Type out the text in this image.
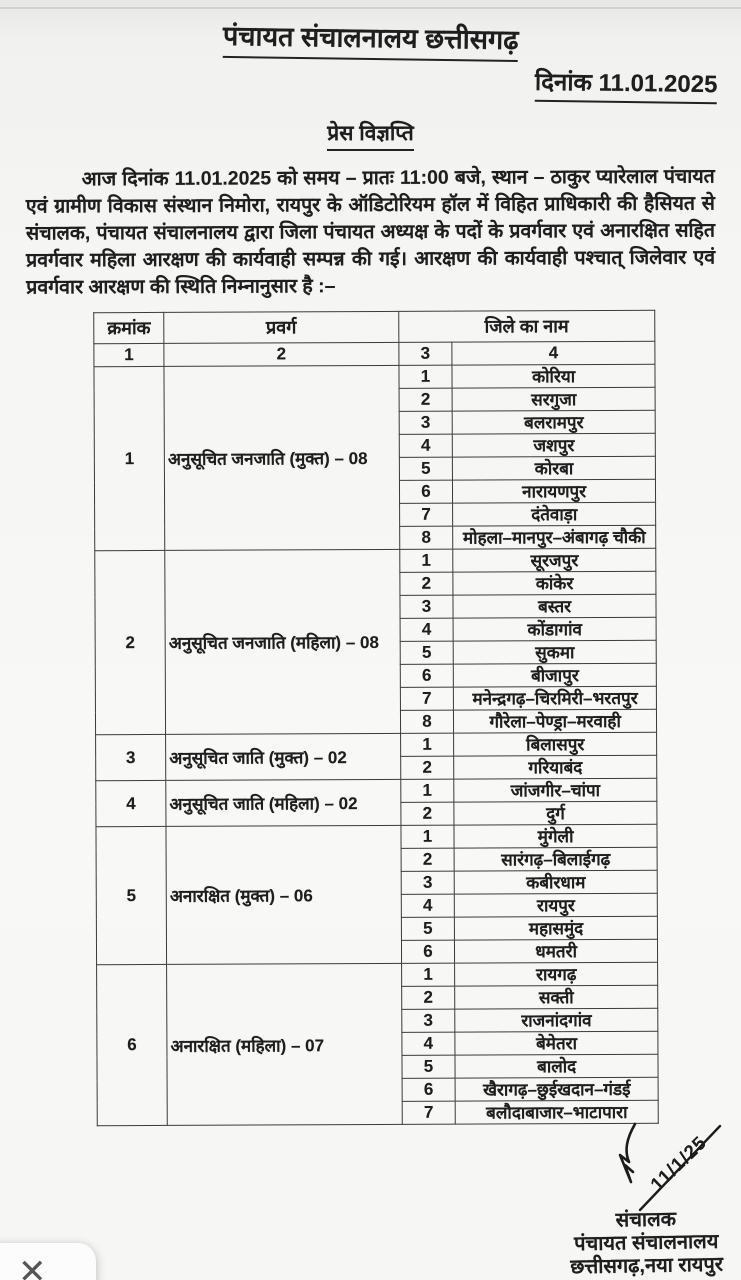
पंचायत संचालनालय छत्तीसगढ़
दिनांक 11.01.2025
प्रेस विज्ञप्ति

आज दिनांक 11.01.2025 को समय – प्रातः 11:00 बजे, स्थान – ठाकुर प्यारेलाल पंचायत एवं ग्रामीण विकास संस्थान निमोरा, रायपुर के ऑडिटोरियम हॉल में विहित प्राधिकारी की हैसियत से संचालक, पंचायत संचालनालय द्वारा जिला पंचायत अध्यक्ष के पदों के प्रवर्गवार एवं अनारक्षित सहित प्रवर्गवार महिला आरक्षण की कार्यवाही सम्पन्न की गई। आरक्षण की कार्यवाही पश्चात् जिलेवार एवं प्रवर्गवार आरक्षण की स्थिति निम्नानुसार है :–

क्रमांक	प्रवर्ग	जिले का नाम	
1	2	3	4
1	अनुसूचित जनजाति (मुक्त) – 08	1	कोरिया
		2	सरगुजा
		3	बलरामपुर
		4	जशपुर
		5	कोरबा
		6	नारायणपुर
		7	दंतेवाड़ा
		8	मोहला–मानपुर–अंबागढ़ चौकी
2	अनुसूचित जनजाति (महिला) – 08	1	सूरजपुर
		2	कांकेर
		3	बस्तर
		4	कोंडागांव
		5	सुकमा
		6	बीजापुर
		7	मनेन्द्रगढ़–चिरमिरी–भरतपुर
		8	गौरेला–पेण्ड्रा–मरवाही
3	अनुसूचित जाति (मुक्त) – 02	1	बिलासपुर
		2	गरियाबंद
4	अनुसूचित जाति (महिला) – 02	1	जांजगीर–चांपा
		2	दुर्ग
5	अनारक्षित (मुक्त) – 06	1	मुंगेली
		2	सारंगढ़–बिलाईगढ़
		3	कबीरधाम
		4	रायपुर
		5	महासमुंद
		6	धमतरी
6	अनारक्षित (महिला) – 07	1	रायगढ़
		2	सक्ती
		3	राजनांदगांव
		4	बेमेतरा
		5	बालोद
		6	खैरागढ़–छुईखदान–गंडई
		7	बलौदाबाजार–भाटापारा
11/1/25
संचालक
पंचायत संचालनालय
छत्तीसगढ़,नया रायपुर
✕
